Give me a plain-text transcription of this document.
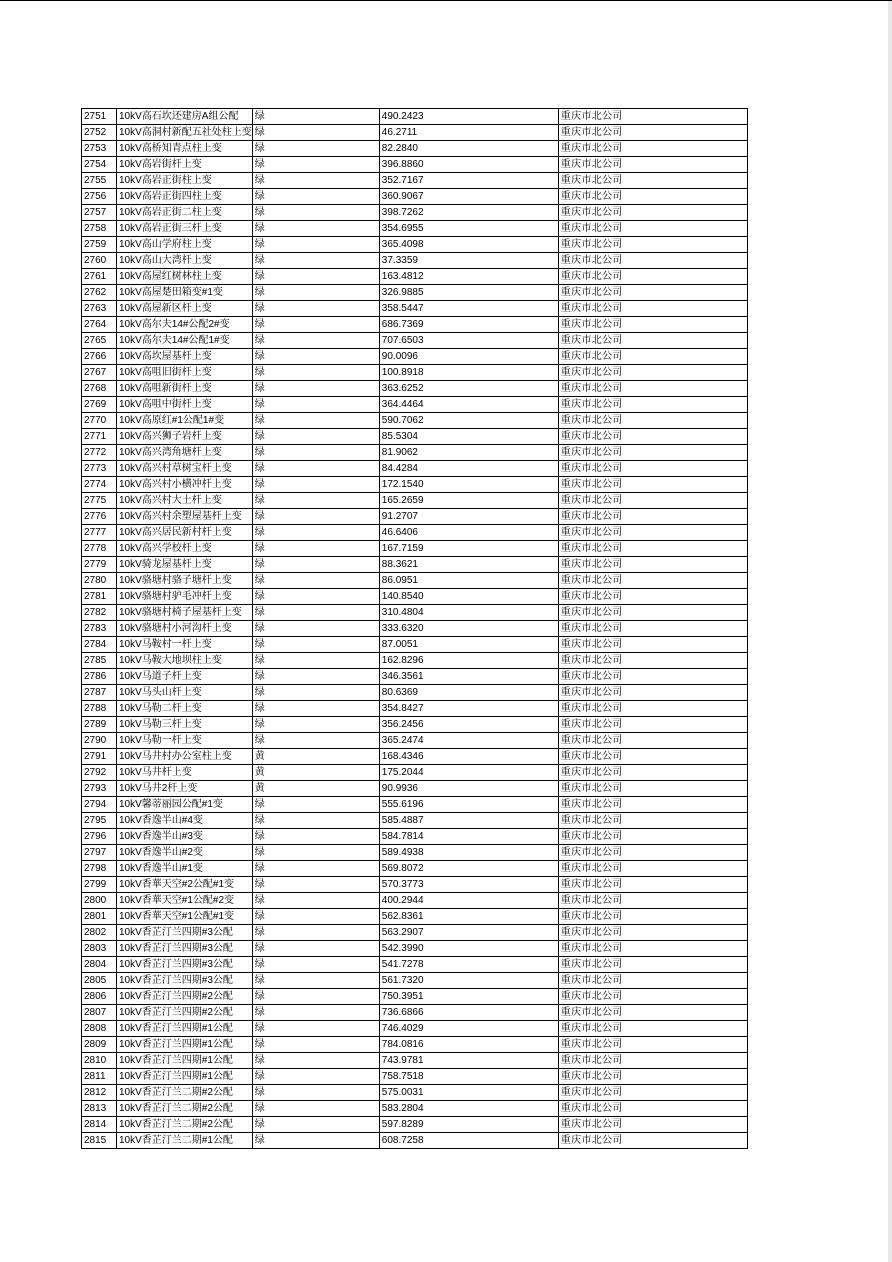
2751	10kV高石坎还建房A组公配	绿	490.2423	重庆市北公司
2752	10kV高洞村新配五社处柱上变	绿	46.2711	重庆市北公司
2753	10kV高桥知青点柱上变	绿	82.2840	重庆市北公司
2754	10kV高岩街杆上变	绿	396.8860	重庆市北公司
2755	10kV高岩正街柱上变	绿	352.7167	重庆市北公司
2756	10kV高岩正街四柱上变	绿	360.9067	重庆市北公司
2757	10kV高岩正街二柱上变	绿	398.7262	重庆市北公司
2758	10kV高岩正街三杆上变	绿	354.6955	重庆市北公司
2759	10kV高山学府柱上变	绿	365.4098	重庆市北公司
2760	10kV高山大湾杆上变	绿	37.3359	重庆市北公司
2761	10kV高屋红树林柱上变	绿	163.4812	重庆市北公司
2762	10kV高屋楚田箱变#1变	绿	326.9885	重庆市北公司
2763	10kV高屋新区杆上变	绿	358.5447	重庆市北公司
2764	10kV高尔夫14#公配2#变	绿	686.7369	重庆市北公司
2765	10kV高尔夫14#公配1#变	绿	707.6503	重庆市北公司
2766	10kV高坎屋基杆上变	绿	90.0096	重庆市北公司
2767	10kV高咀旧街杆上变	绿	100.8918	重庆市北公司
2768	10kV高咀新街杆上变	绿	363.6252	重庆市北公司
2769	10kV高咀中街杆上变	绿	364.4464	重庆市北公司
2770	10kV高原红#1公配1#变	绿	590.7062	重庆市北公司
2771	10kV高兴狮子岩杆上变	绿	85.5304	重庆市北公司
2772	10kV高兴湾角塘杆上变	绿	81.9062	重庆市北公司
2773	10kV高兴村草树宝杆上变	绿	84.4284	重庆市北公司
2774	10kV高兴村小横冲杆上变	绿	172.1540	重庆市北公司
2775	10kV高兴村大土杆上变	绿	165.2659	重庆市北公司
2776	10kV高兴村余塑屋基杆上变	绿	91.2707	重庆市北公司
2777	10kV高兴居民新村杆上变	绿	46.6406	重庆市北公司
2778	10kV高兴学校杆上变	绿	167.7159	重庆市北公司
2779	10kV骑龙屋基杆上变	绿	88.3621	重庆市北公司
2780	10kV骆塘村骆子塘杆上变	绿	86.0951	重庆市北公司
2781	10kV骆塘村驴毛冲杆上变	绿	140.8540	重庆市北公司
2782	10kV骆塘村椅子屋基杆上变	绿	310.4804	重庆市北公司
2783	10kV骆塘村小河沟杆上变	绿	333.6320	重庆市北公司
2784	10kV马鞍村一杆上变	绿	87.0051	重庆市北公司
2785	10kV马鞍大地坝柱上变	绿	162.8296	重庆市北公司
2786	10kV马道子杆上变	绿	346.3561	重庆市北公司
2787	10kV马头山杆上变	绿	80.6369	重庆市北公司
2788	10kV马勒二杆上变	绿	354.8427	重庆市北公司
2789	10kV马勒三杆上变	绿	356.2456	重庆市北公司
2790	10kV马勒一杆上变	绿	365.2474	重庆市北公司
2791	10kV马井村办公室柱上变	黄	168.4346	重庆市北公司
2792	10kV马井杆上变	黄	175.2044	重庆市北公司
2793	10kV马井2杆上变	黄	90.9936	重庆市北公司
2794	10kV馨蒂丽园公配#1变	绿	555.6196	重庆市北公司
2795	10kV香逸半山#4变	绿	585.4887	重庆市北公司
2796	10kV香逸半山#3变	绿	584.7814	重庆市北公司
2797	10kV香逸半山#2变	绿	589.4938	重庆市北公司
2798	10kV香逸半山#1变	绿	569.8072	重庆市北公司
2799	10kV香華天空#2公配#1变	绿	570.3773	重庆市北公司
2800	10kV香華天空#1公配#2变	绿	400.2944	重庆市北公司
2801	10kV香華天空#1公配#1变	绿	562.8361	重庆市北公司
2802	10kV香芷汀兰四期#3公配	绿	563.2907	重庆市北公司
2803	10kV香芷汀兰四期#3公配	绿	542.3990	重庆市北公司
2804	10kV香芷汀兰四期#3公配	绿	541.7278	重庆市北公司
2805	10kV香芷汀兰四期#3公配	绿	561.7320	重庆市北公司
2806	10kV香芷汀兰四期#2公配	绿	750.3951	重庆市北公司
2807	10kV香芷汀兰四期#2公配	绿	736.6866	重庆市北公司
2808	10kV香芷汀兰四期#1公配	绿	746.4029	重庆市北公司
2809	10kV香芷汀兰四期#1公配	绿	784.0816	重庆市北公司
2810	10kV香芷汀兰四期#1公配	绿	743.9781	重庆市北公司
2811	10kV香芷汀兰四期#1公配	绿	758.7518	重庆市北公司
2812	10kV香芷汀兰二期#2公配	绿	575.0031	重庆市北公司
2813	10kV香芷汀兰二期#2公配	绿	583.2804	重庆市北公司
2814	10kV香芷汀兰二期#2公配	绿	597.8289	重庆市北公司
2815	10kV香芷汀兰二期#1公配	绿	608.7258	重庆市北公司
